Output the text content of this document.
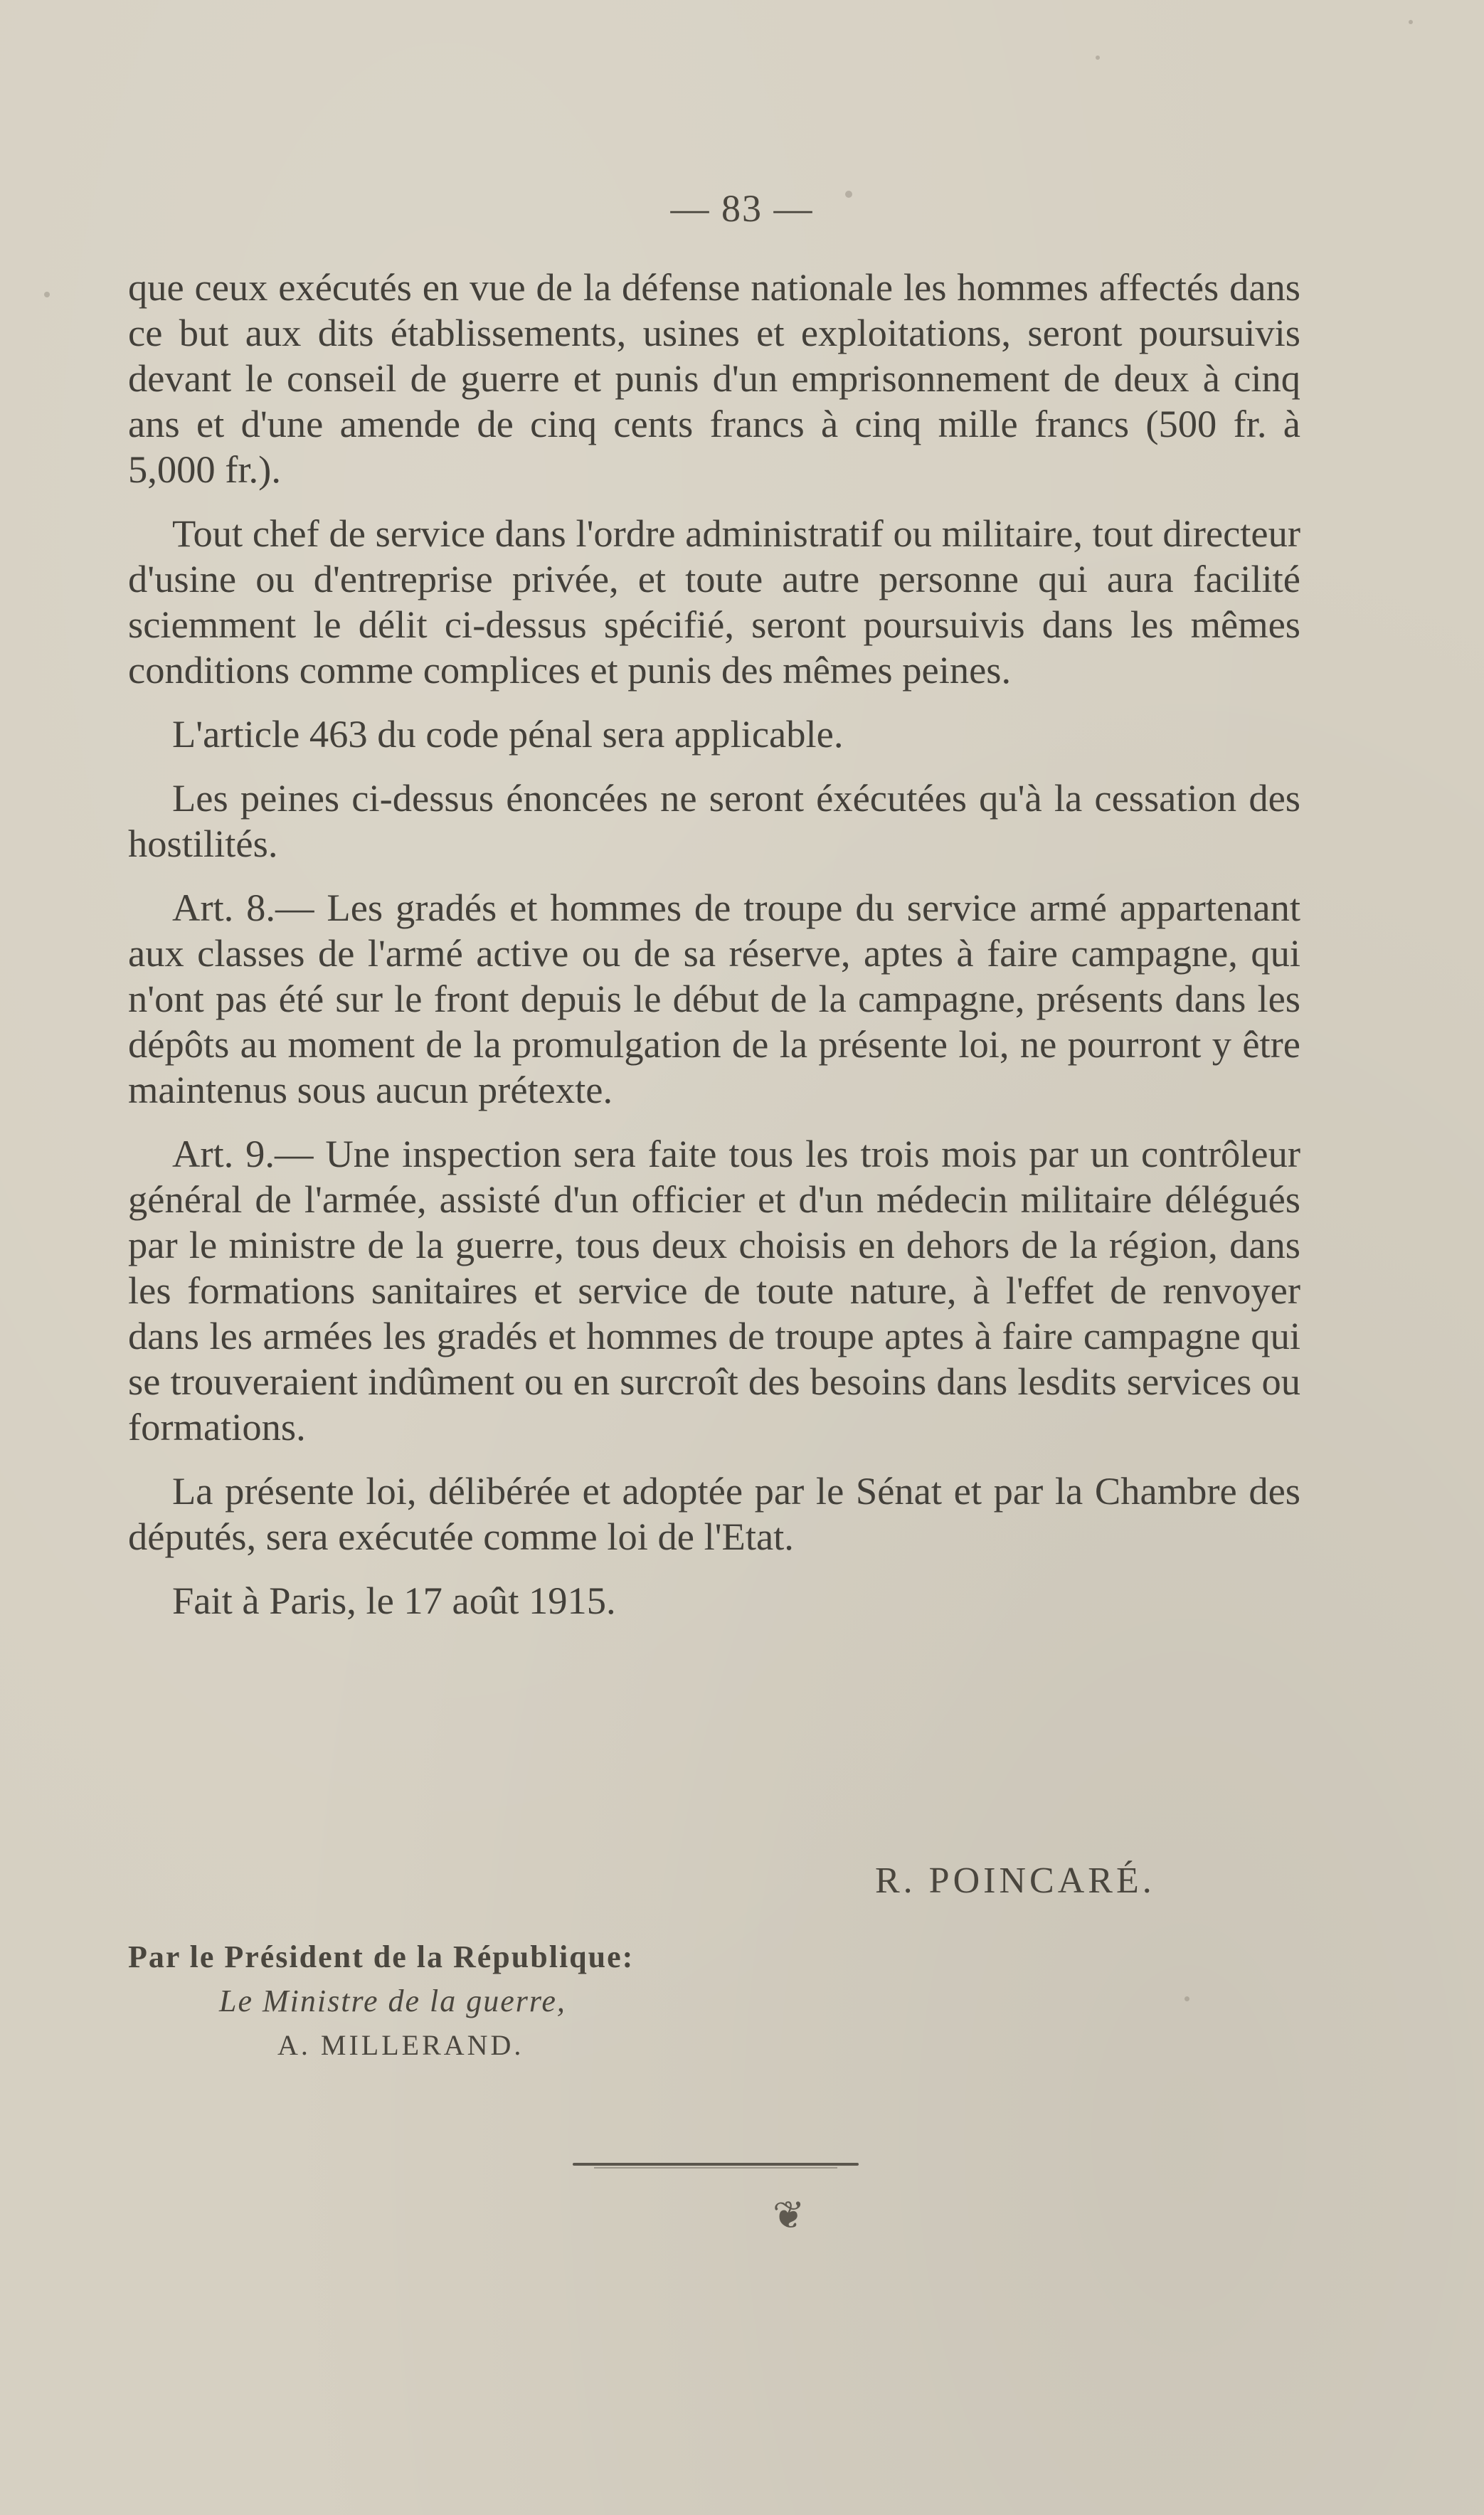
— 83 —

que ceux exécutés en vue de la défense nationale les hommes affectés dans ce but aux dits établissements, usines et exploitations, seront poursuivis devant le conseil de guerre et punis d'un emprisonnement de deux à cinq ans et d'une amende de cinq cents francs à cinq mille francs (500 fr. à 5,000 fr.).

Tout chef de service dans l'ordre administratif ou militaire, tout directeur d'usine ou d'entreprise privée, et toute autre personne qui aura facilité sciemment le délit ci-dessus spécifié, seront poursuivis dans les mêmes conditions comme complices et punis des mêmes peines.

L'article 463 du code pénal sera applicable.

Les peines ci-dessus énoncées ne seront éxécutées qu'à la cessation des hostilités.

Art. 8.— Les gradés et hommes de troupe du service armé appartenant aux classes de l'armé active ou de sa réserve, aptes à faire campagne, qui n'ont pas été sur le front depuis le début de la campagne, présents dans les dépôts au moment de la promulgation de la présente loi, ne pourront y être maintenus sous aucun prétexte.

Art. 9.— Une inspection sera faite tous les trois mois par un contrôleur général de l'armée, assisté d'un officier et d'un médecin militaire délégués par le ministre de la guerre, tous deux choisis en dehors de la région, dans les formations sanitaires et service de toute nature, à l'effet de renvoyer dans les armées les gradés et hommes de troupe aptes à faire campagne qui se trouveraient indûment ou en surcroît des besoins dans lesdits services ou formations.

La présente loi, délibérée et adoptée par le Sénat et par la Chambre des députés, sera exécutée comme loi de l'Etat.

Fait à Paris, le 17 août 1915.

R. POINCARÉ.
Par le Président de la République:
Le Ministre de la guerre,
A. MILLERAND.
❦
